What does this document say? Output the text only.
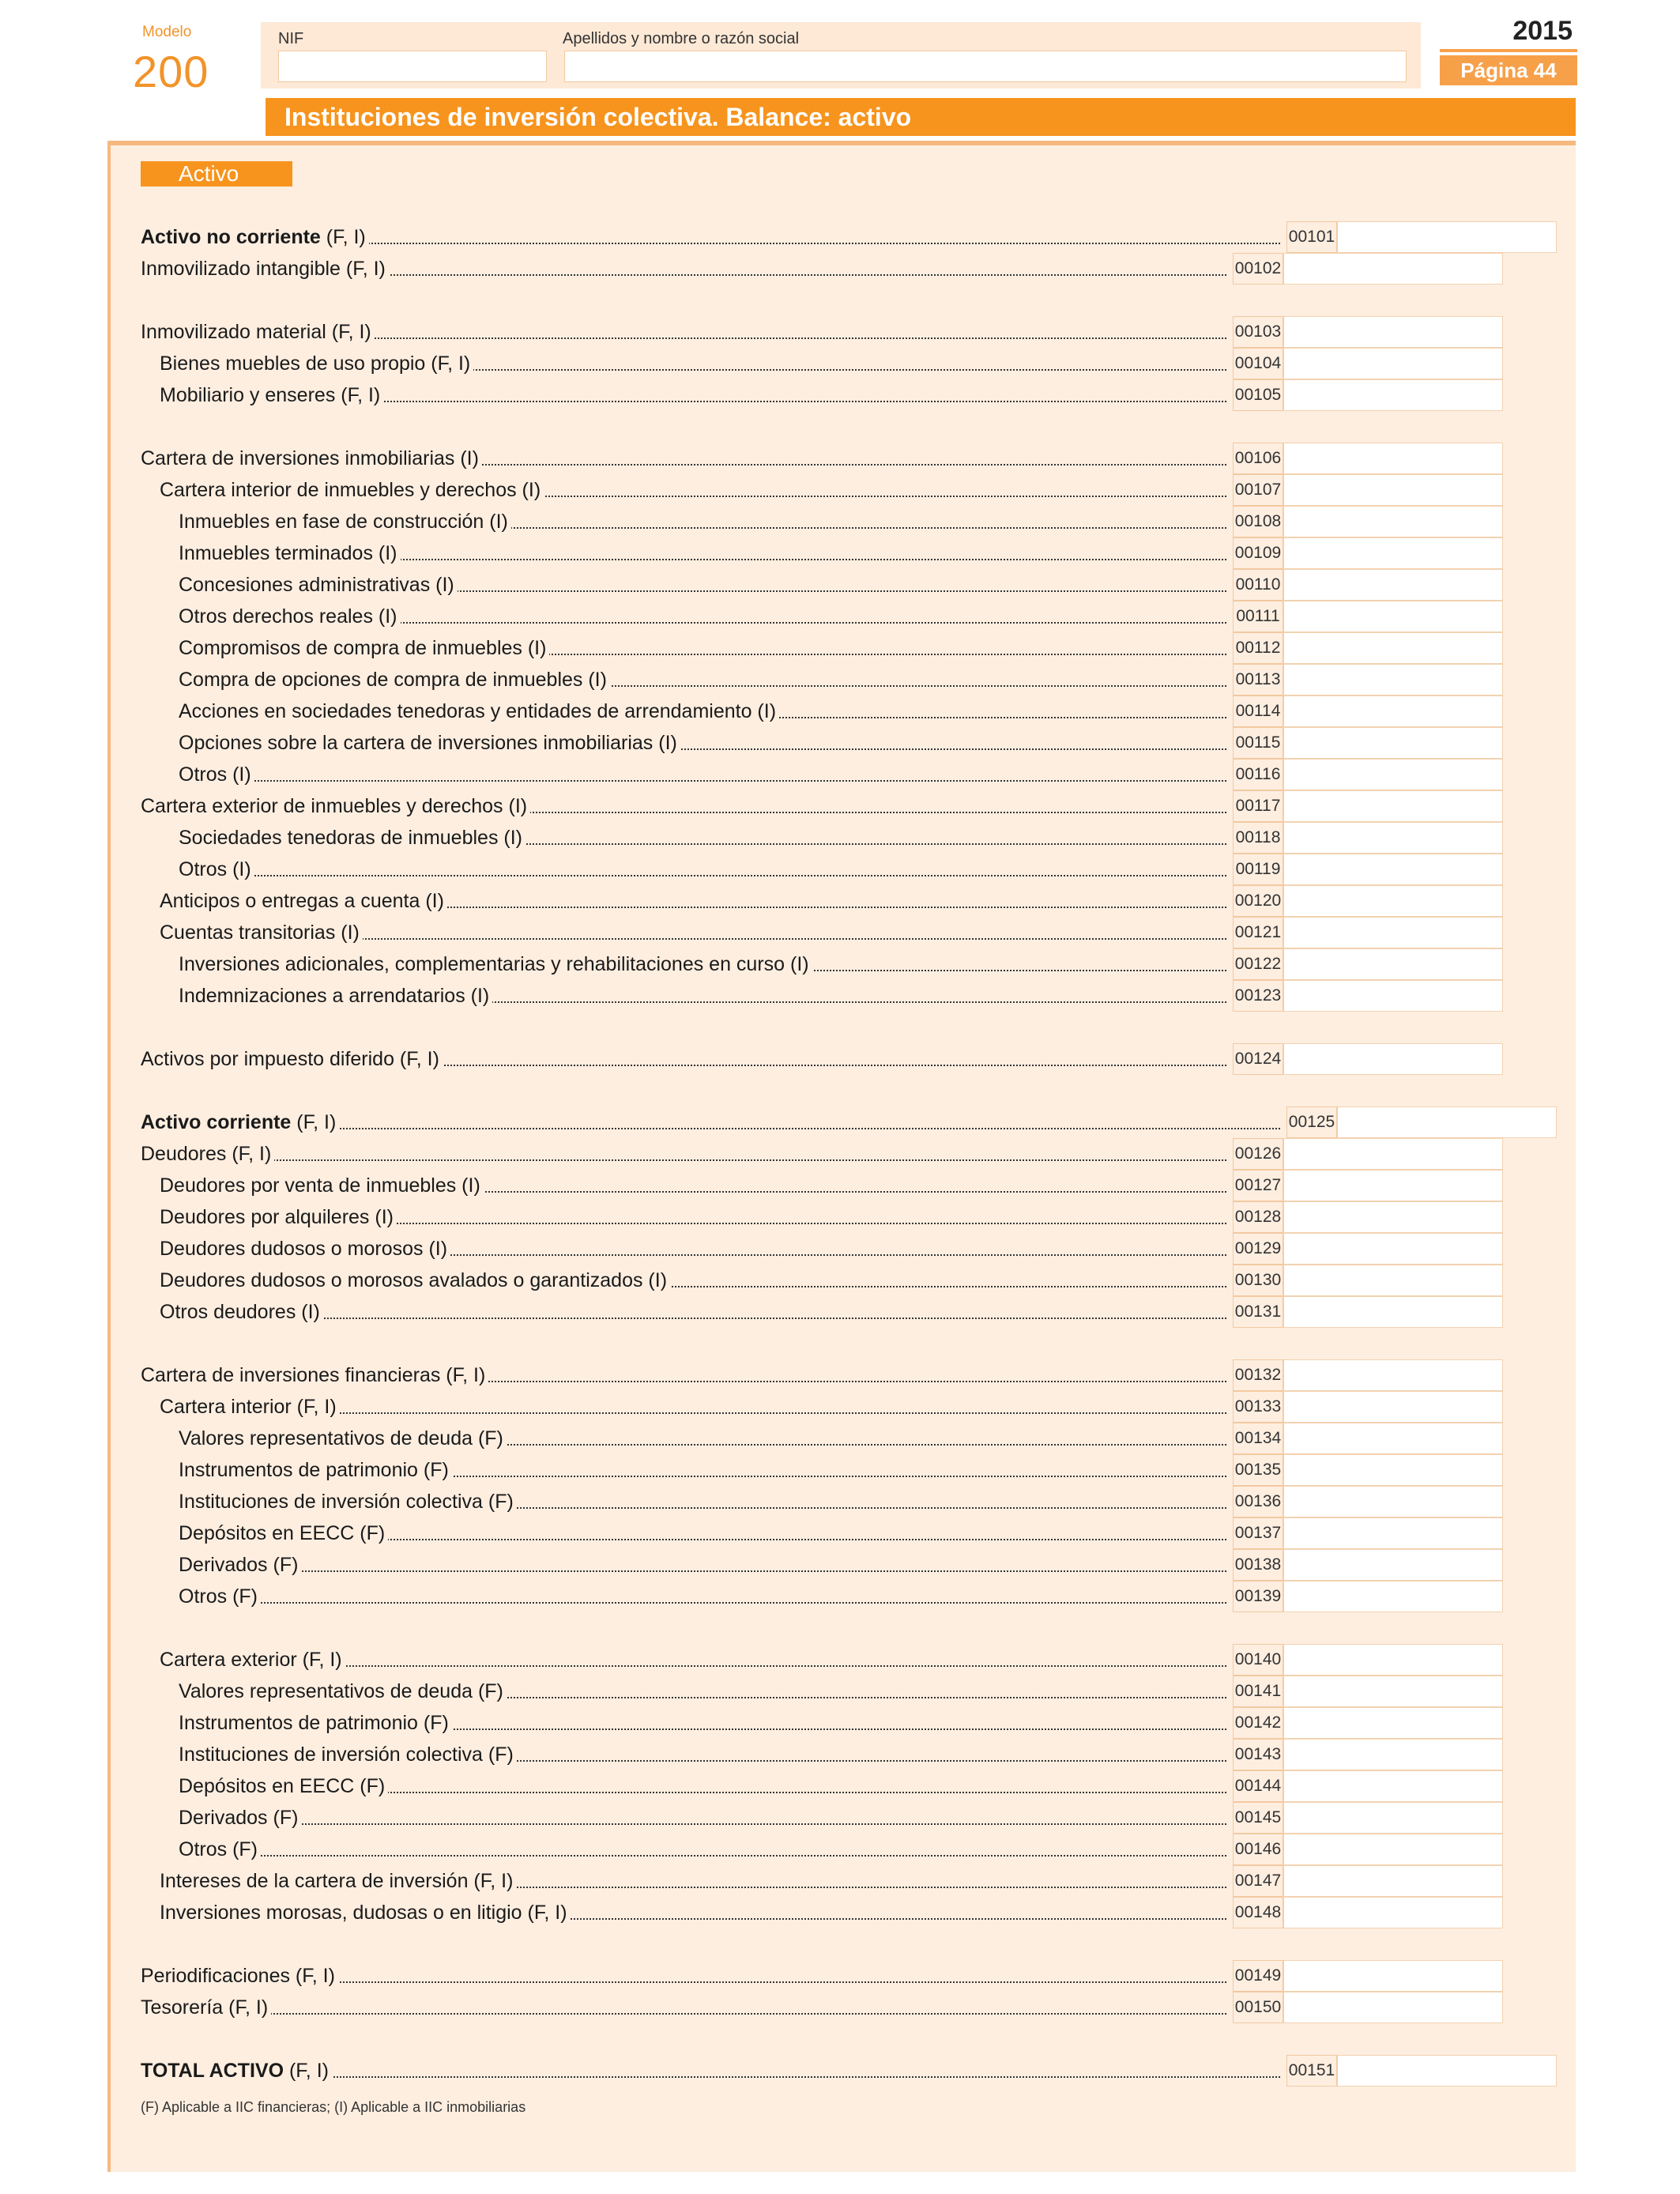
Modelo
200
NIF	Apellidos y nombre o razón social	2015
Página 44
Instituciones de inversión colectiva. Balance: activo
Activo
Activo no corriente (F, I)	00101
Inmovilizado intangible (F, I)	00102
Inmovilizado material (F, I)	00103
Bienes muebles de uso propio (F, I)	00104
Mobiliario y enseres (F, I)	00105
Cartera de inversiones inmobiliarias (I)	00106
Cartera interior de inmuebles y derechos (I)	00107
Inmuebles en fase de construcción (I)	00108
Inmuebles terminados (I)	00109
Concesiones administrativas (I)	00110
Otros derechos reales (I)	00111
Compromisos de compra de inmuebles (I)	00112
Compra de opciones de compra de inmuebles (I)	00113
Acciones en sociedades tenedoras y entidades de arrendamiento (I)	00114
Opciones sobre la cartera de inversiones inmobiliarias (I)	00115
Otros (I)	00116
Cartera exterior de inmuebles y derechos (I)	00117
Sociedades tenedoras de inmuebles (I)	00118
Otros (I)	00119
Anticipos o entregas a cuenta (I)	00120
Cuentas transitorias (I)	00121
Inversiones adicionales, complementarias y rehabilitaciones en curso (I)	00122
Indemnizaciones a arrendatarios (I)	00123
Activos por impuesto diferido (F, I)	00124
Activo corriente (F, I)	00125
Deudores (F, I)	00126
Deudores por venta de inmuebles (I)	00127
Deudores por alquileres (I)	00128
Deudores dudosos o morosos (I)	00129
Deudores dudosos o morosos avalados o garantizados (I)	00130
Otros deudores (I)	00131
Cartera de inversiones financieras (F, I)	00132
Cartera interior (F, I)	00133
Valores representativos de deuda (F)	00134
Instrumentos de patrimonio (F)	00135
Instituciones de inversión colectiva (F)	00136
Depósitos en EECC (F)	00137
Derivados (F)	00138
Otros (F)	00139
Cartera exterior (F, I)	00140
Valores representativos de deuda (F)	00141
Instrumentos de patrimonio (F)	00142
Instituciones de inversión colectiva (F)	00143
Depósitos en EECC (F)	00144
Derivados (F)	00145
Otros (F)	00146
Intereses de la cartera de inversión (F, I)	00147
Inversiones morosas, dudosas o en litigio (F, I)	00148
Periodificaciones (F, I)	00149
Tesorería (F, I)	00150
TOTAL ACTIVO (F, I)	00151
(F) Aplicable a IIC financieras; (I) Aplicable a IIC inmobiliarias
